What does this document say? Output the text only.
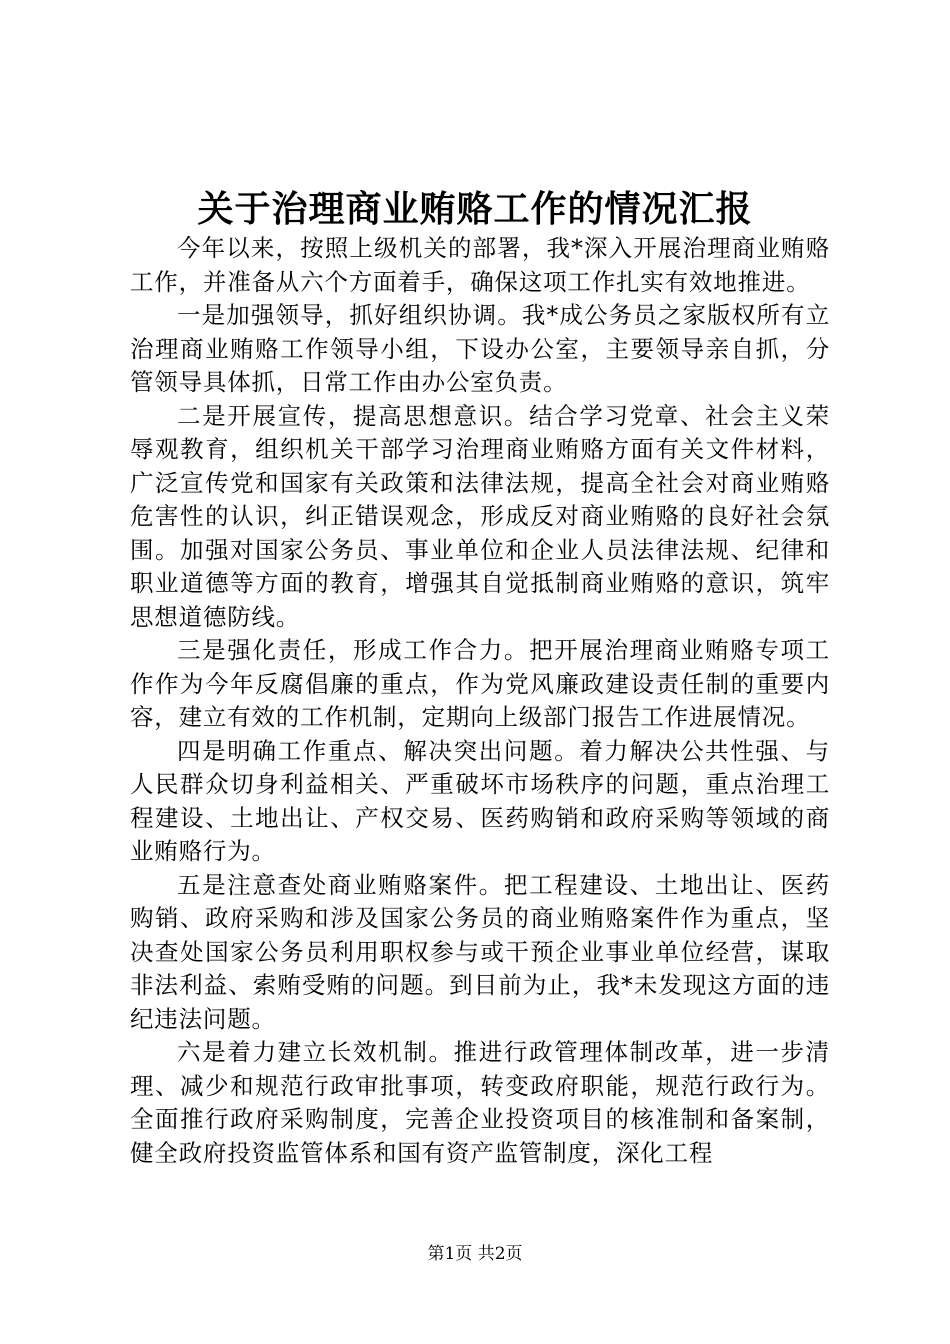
关于治理商业贿赂工作的情况汇报

今年以来，按照上级机关的部署，我*深入开展治理商业贿赂工作，并准备从六个方面着手，确保这项工作扎实有效地推进。

一是加强领导，抓好组织协调。我*成公务员之家版权所有立治理商业贿赂工作领导小组，下设办公室，主要领导亲自抓，分管领导具体抓，日常工作由办公室负责。

二是开展宣传，提高思想意识。结合学习党章、社会主义荣辱观教育，组织机关干部学习治理商业贿赂方面有关文件材料，广泛宣传党和国家有关政策和法律法规，提高全社会对商业贿赂危害性的认识，纠正错误观念，形成反对商业贿赂的良好社会氛围。加强对国家公务员、事业单位和企业人员法律法规、纪律和职业道德等方面的教育，增强其自觉抵制商业贿赂的意识，筑牢思想道德防线。

三是强化责任，形成工作合力。把开展治理商业贿赂专项工作作为今年反腐倡廉的重点，作为党风廉政建设责任制的重要内容，建立有效的工作机制，定期向上级部门报告工作进展情况。

四是明确工作重点、解决突出问题。着力解决公共性强、与人民群众切身利益相关、严重破坏市场秩序的问题，重点治理工程建设、土地出让、产权交易、医药购销和政府采购等领域的商业贿赂行为。

五是注意查处商业贿赂案件。把工程建设、土地出让、医药购销、政府采购和涉及国家公务员的商业贿赂案件作为重点，坚决查处国家公务员利用职权参与或干预企业事业单位经营，谋取非法利益、索贿受贿的问题。到目前为止，我*未发现这方面的违纪违法问题。

六是着力建立长效机制。推进行政管理体制改革，进一步清理、减少和规范行政审批事项，转变政府职能，规范行政行为。全面推行政府采购制度，完善企业投资项目的核准制和备案制，健全政府投资监管体系和国有资产监管制度，深化工程

第1页 共2页
